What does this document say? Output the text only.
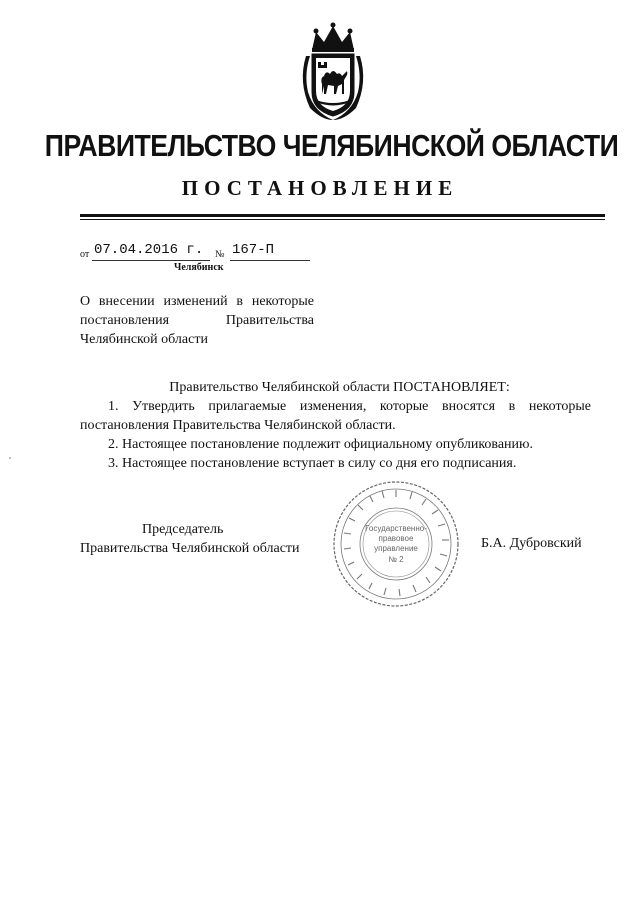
ПРАВИТЕЛЬСТВО ЧЕЛЯБИНСКОЙ ОБЛАСТИ
ПОСТАНОВЛЕНИЕ
от 07.04.2016 г. № 167-П
Челябинск
О внесении изменений в некоторые
постановления Правительства
Челябинской области

Правительство Челябинской области ПОСТАНОВЛЯЕТ:

1. Утвердить прилагаемые изменения, которые вносятся в некоторые постановления Правительства Челябинской области.

2. Настоящее постановление подлежит официальному опубликованию.

3. Настоящее постановление вступает в силу со дня его подписания.

Председатель
Правительства Челябинской области	Б.А. Дубровский
Государственно-
правовое
управление
№ 2
